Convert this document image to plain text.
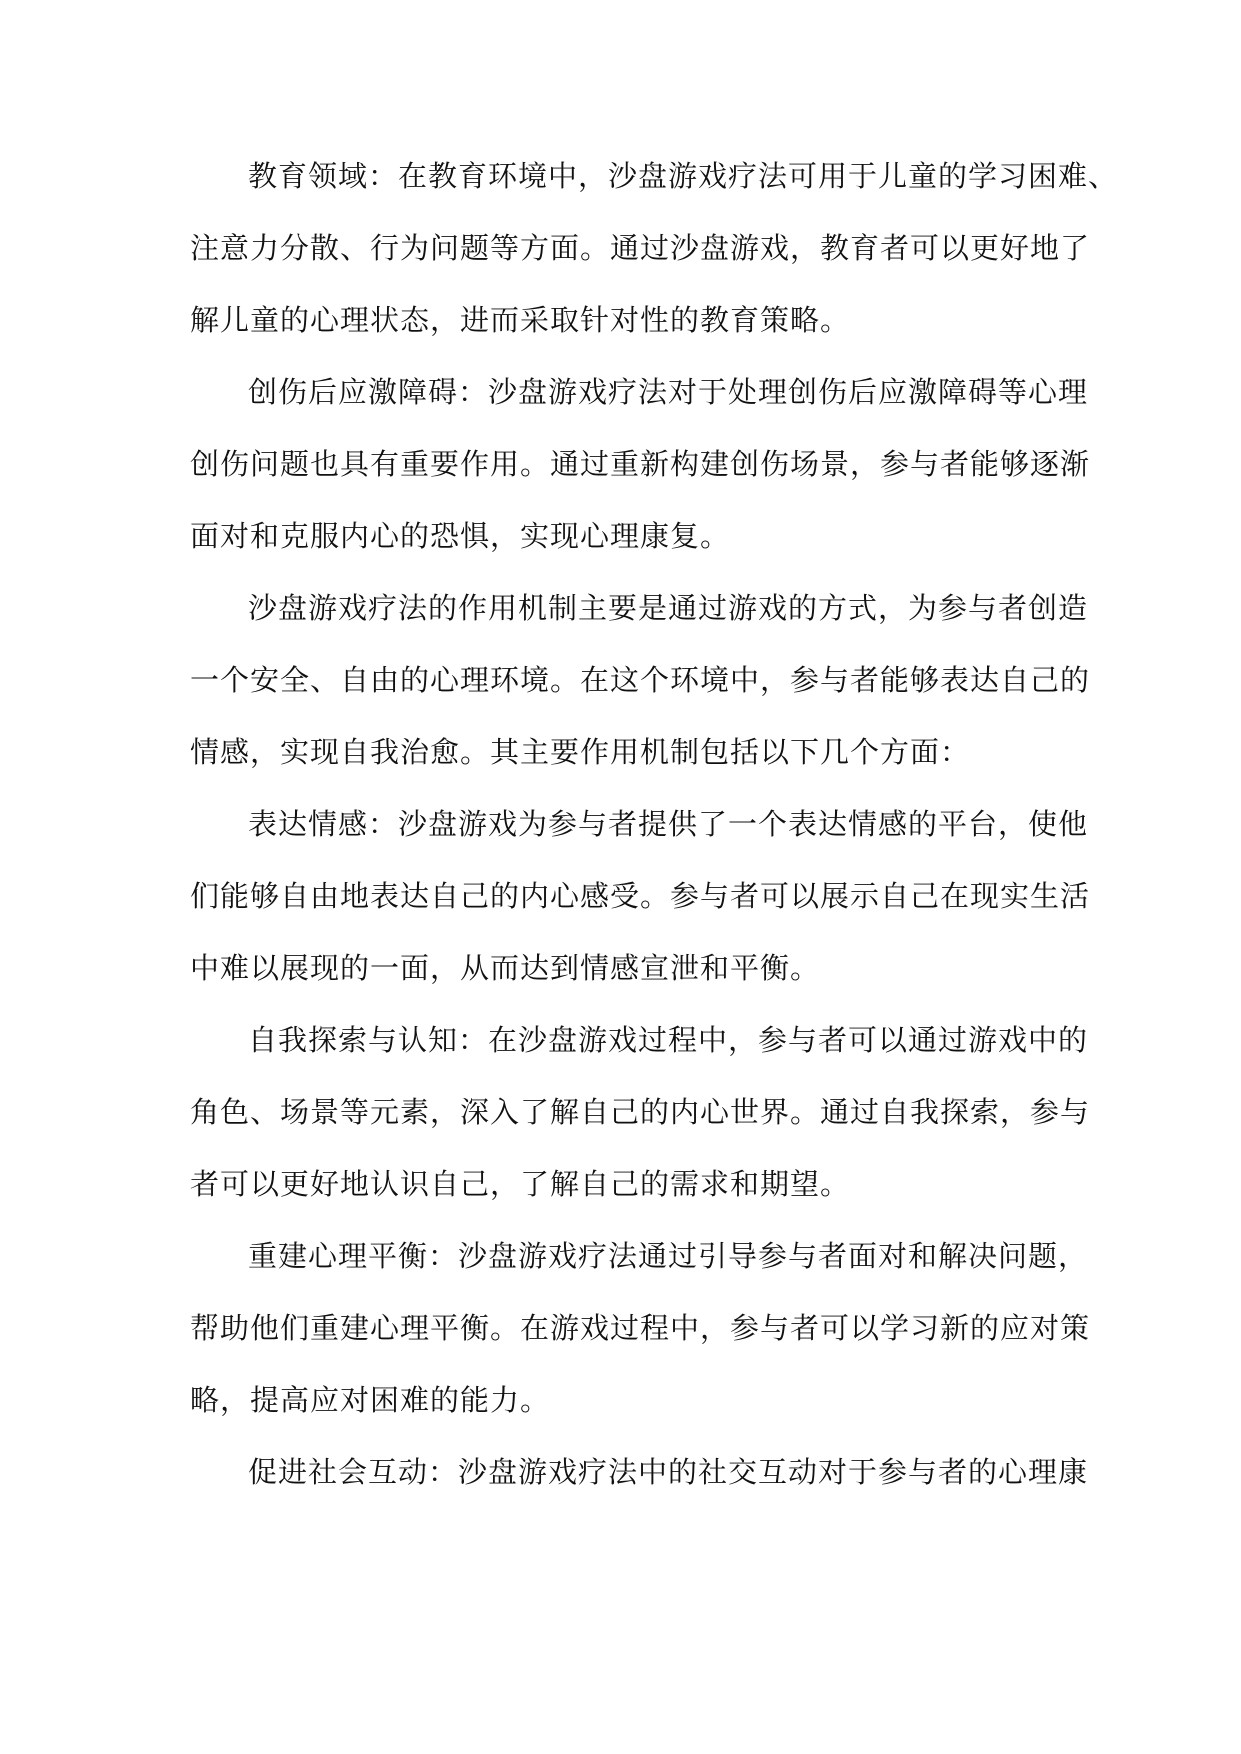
教育领域：在教育环境中，沙盘游戏疗法可用于儿童的学习困难、
注意力分散、行为问题等方面。通过沙盘游戏，教育者可以更好地了
解儿童的心理状态，进而采取针对性的教育策略。
创伤后应激障碍：沙盘游戏疗法对于处理创伤后应激障碍等心理
创伤问题也具有重要作用。通过重新构建创伤场景，参与者能够逐渐
面对和克服内心的恐惧，实现心理康复。
沙盘游戏疗法的作用机制主要是通过游戏的方式，为参与者创造
一个安全、自由的心理环境。在这个环境中，参与者能够表达自己的
情感，实现自我治愈。其主要作用机制包括以下几个方面：
表达情感：沙盘游戏为参与者提供了一个表达情感的平台，使他
们能够自由地表达自己的内心感受。参与者可以展示自己在现实生活
中难以展现的一面，从而达到情感宣泄和平衡。
自我探索与认知：在沙盘游戏过程中，参与者可以通过游戏中的
角色、场景等元素，深入了解自己的内心世界。通过自我探索，参与
者可以更好地认识自己，了解自己的需求和期望。
重建心理平衡：沙盘游戏疗法通过引导参与者面对和解决问题，
帮助他们重建心理平衡。在游戏过程中，参与者可以学习新的应对策
略，提高应对困难的能力。
促进社会互动：沙盘游戏疗法中的社交互动对于参与者的心理康
